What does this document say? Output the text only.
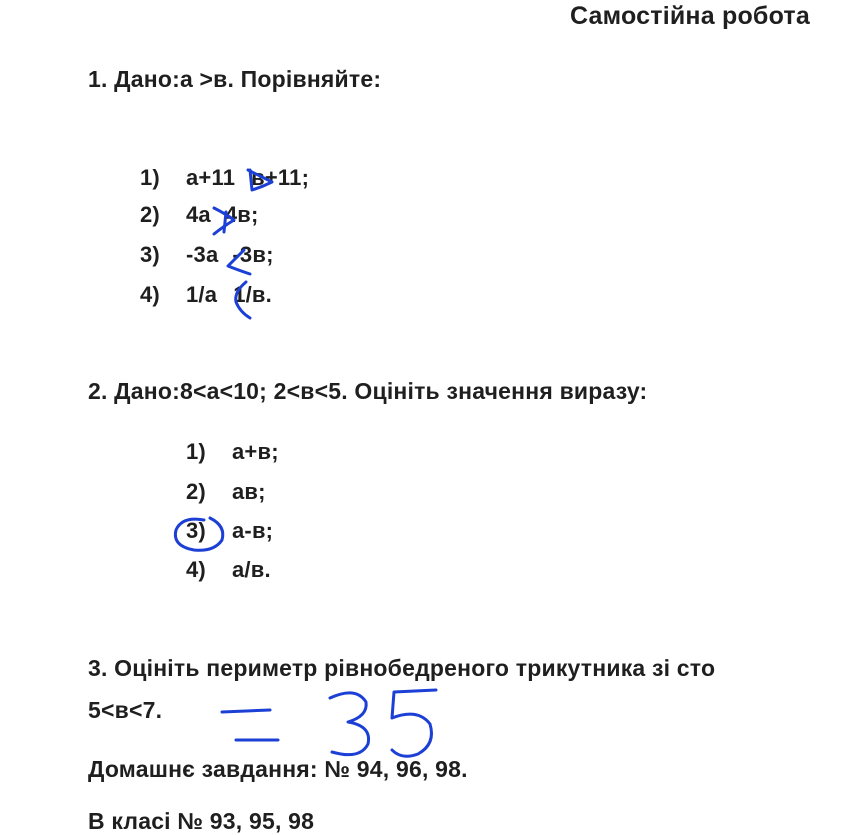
Самостійна робота
1. Дано:а >в. Порівняйте:
1) а+11 в+11;
2) 4а 4в;
3) -3а -3в;
4) 1/а 1/в.
2. Дано:8<а<10; 2<в<5. Оцініть значення виразу:
1) а+в;
2) ав;
3) а-в;
4) а/в.
3. Оцініть периметр рівнобедреного трикутника зі сто
5<в<7.
Домашнє завдання: № 94, 96, 98.
В класі № 93, 95, 98
